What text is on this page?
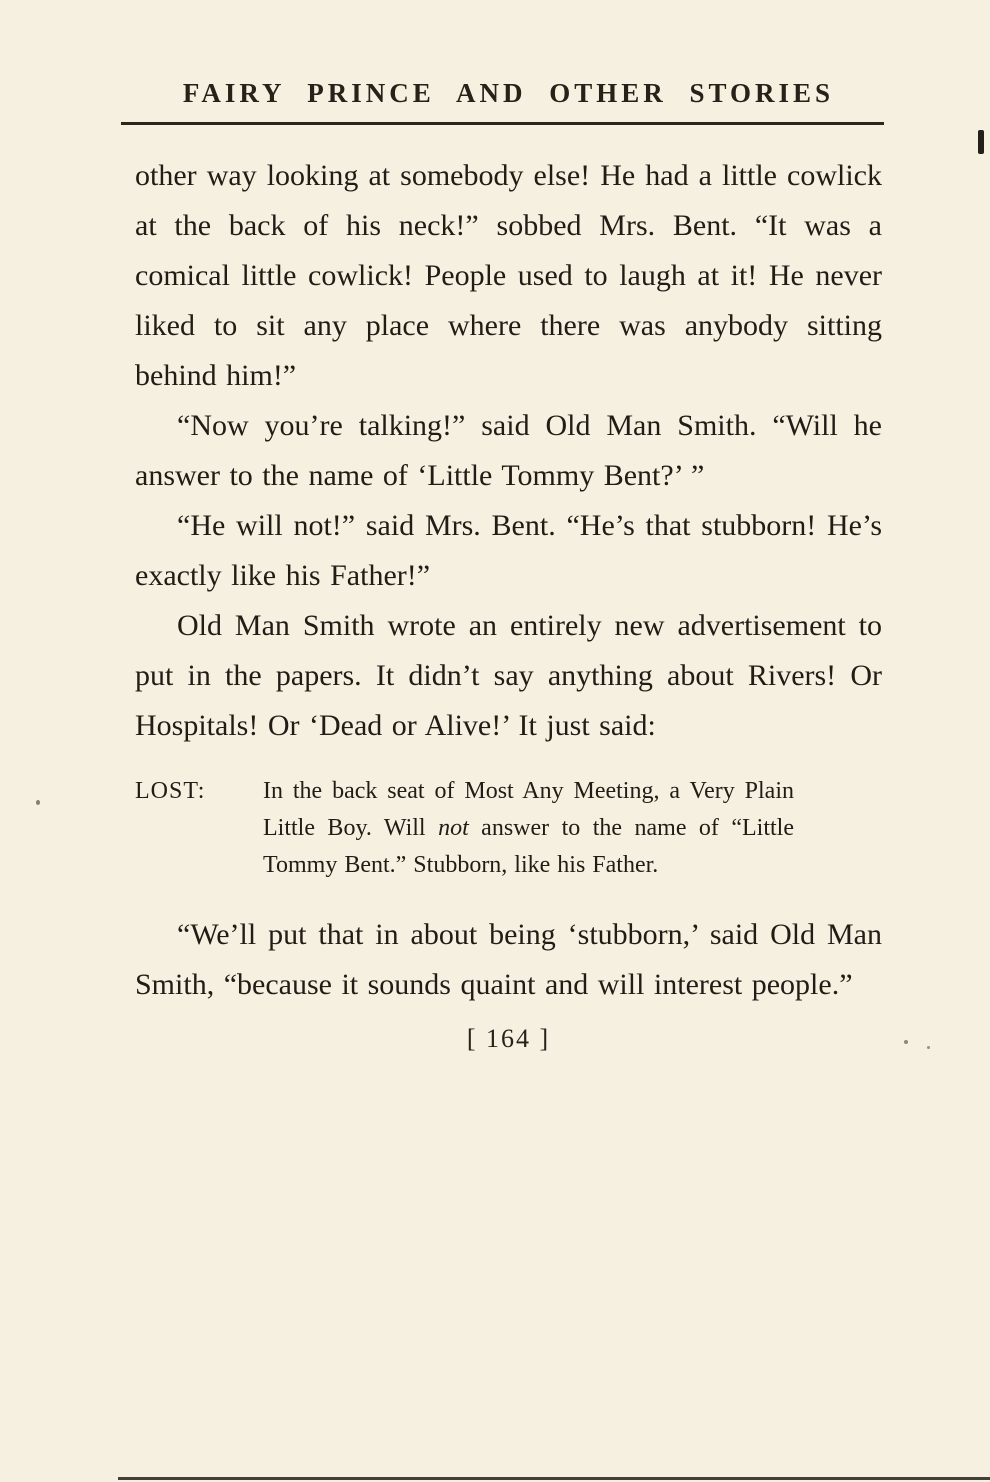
FAIRY PRINCE AND OTHER STORIES

other way looking at somebody else! He had a little cowlick at the back of his neck!” sobbed Mrs. Bent. “It was a comical little cowlick! People used to laugh at it! He never liked to sit any place where there was anybody sitting behind him!”

“Now you’re talking!” said Old Man Smith. “Will he answer to the name of ‘Little Tommy Bent?’ ”

“He will not!” said Mrs. Bent. “He’s that stubborn! He’s exactly like his Father!”

Old Man Smith wrote an entirely new advertisement to put in the papers. It didn’t say anything about Rivers! Or Hospitals! Or ‘Dead or Alive!’ It just said:

LOST:	In the back seat of Most Any Meeting, a Very Plain Little Boy. Will not answer to the name of “Little Tommy Bent.” Stubborn, like his Father.

“We’ll put that in about being ‘stubborn,’ said Old Man Smith, “because it sounds quaint and will interest people.”

[ 164 ]
